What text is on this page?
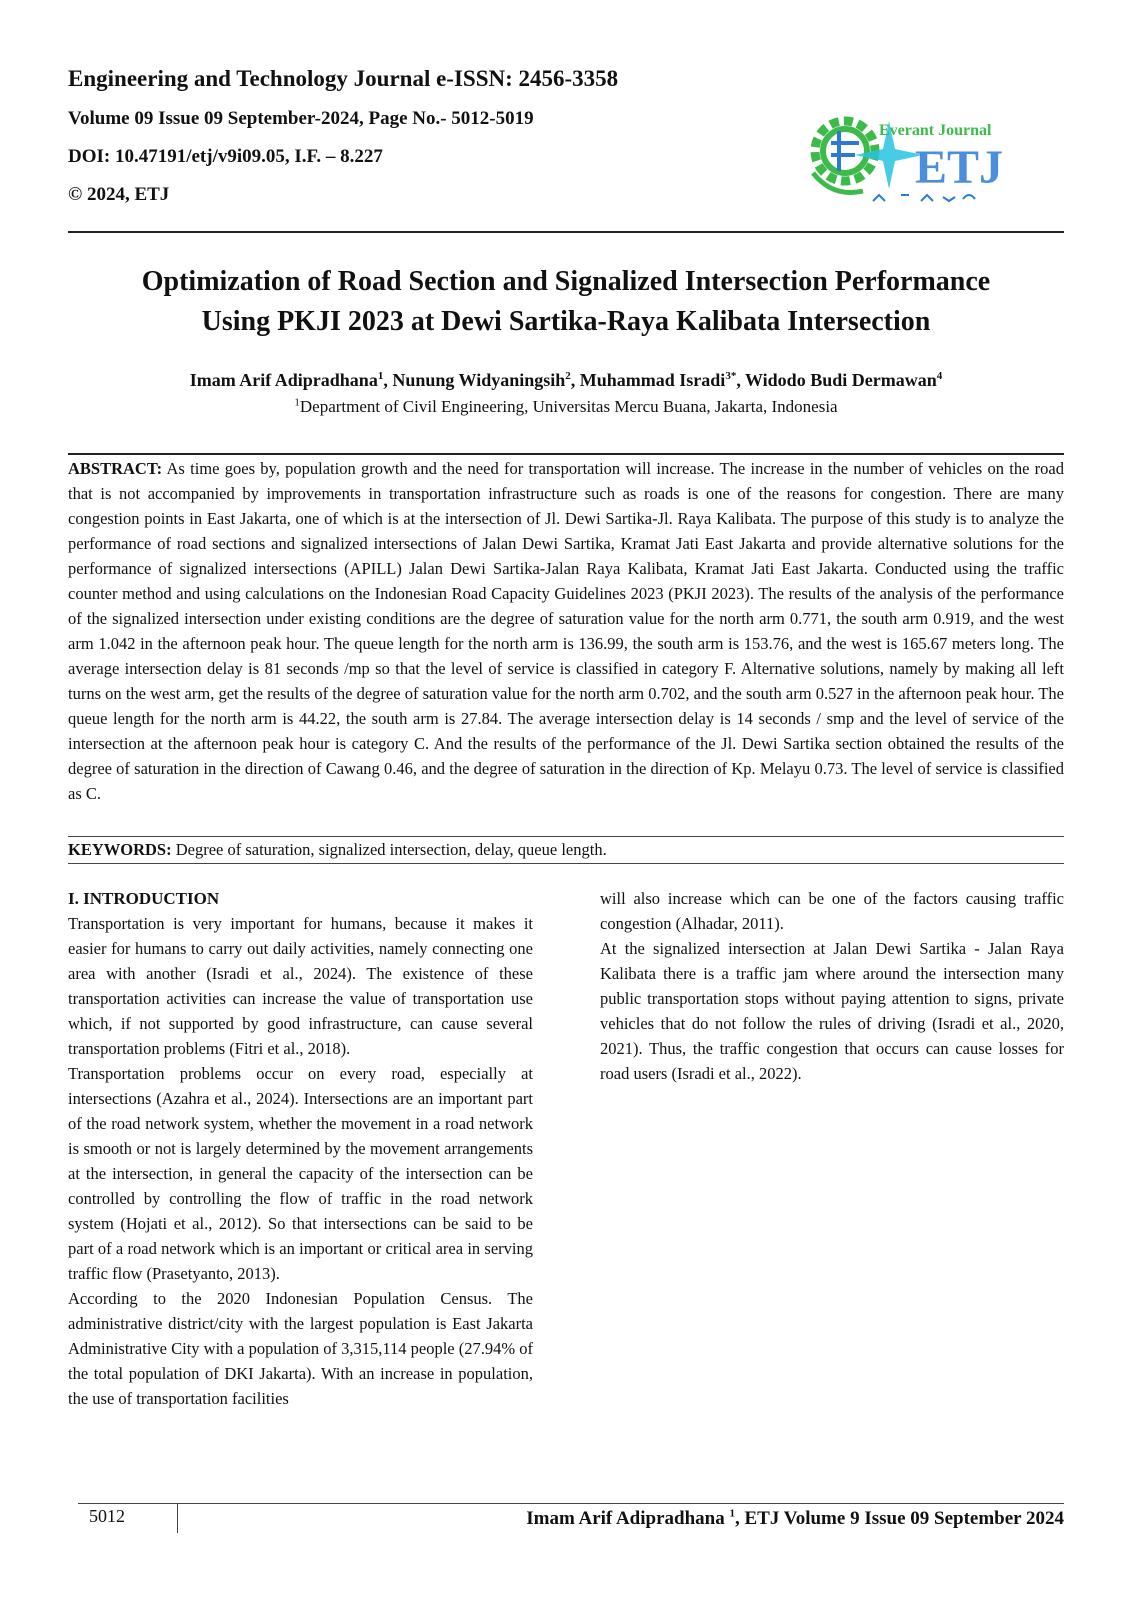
Engineering and Technology Journal e-ISSN: 2456-3358
Volume 09 Issue 09 September-2024, Page No.- 5012-5019
DOI: 10.47191/etj/v9i09.05, I.F. – 8.227
© 2024, ETJ
Everant Journal
ETJ
Optimization of Road Section and Signalized Intersection Performance
Using PKJI 2023 at Dewi Sartika-Raya Kalibata Intersection
Imam Arif Adipradhana$^1$, Nunung Widyaningsih$^2$, Muhammad Isradi$^{3*}$, Widodo Budi Dermawan$^4$
$^1$Department of Civil Engineering, Universitas Mercu Buana, Jakarta, Indonesia
ABSTRACT: As time goes by, population growth and the need for transportation will increase. The increase in the number of vehicles on the road that is not accompanied by improvements in transportation infrastructure such as roads is one of the reasons for congestion. There are many congestion points in East Jakarta, one of which is at the intersection of Jl. Dewi Sartika-Jl. Raya Kalibata. The purpose of this study is to analyze the performance of road sections and signalized intersections of Jalan Dewi Sartika, Kramat Jati East Jakarta and provide alternative solutions for the performance of signalized intersections (APILL) Jalan Dewi Sartika-Jalan Raya Kalibata, Kramat Jati East Jakarta. Conducted using the traffic counter method and using calculations on the Indonesian Road Capacity Guidelines 2023 (PKJI 2023). The results of the analysis of the performance of the signalized intersection under existing conditions are the degree of saturation value for the north arm 0.771, the south arm 0.919, and the west arm 1.042 in the afternoon peak hour. The queue length for the north arm is 136.99, the south arm is 153.76, and the west is 165.67 meters long. The average intersection delay is 81 seconds /mp so that the level of service is classified in category F. Alternative solutions, namely by making all left turns on the west arm, get the results of the degree of saturation value for the north arm 0.702, and the south arm 0.527 in the afternoon peak hour. The queue length for the north arm is 44.22, the south arm is 27.84. The average intersection delay is 14 seconds / smp and the level of service of the intersection at the afternoon peak hour is category C. And the results of the performance of the Jl. Dewi Sartika section obtained the results of the degree of saturation in the direction of Cawang 0.46, and the degree of saturation in the direction of Kp. Melayu 0.73. The level of service is classified as C.
KEYWORDS: Degree of saturation, signalized intersection, delay, queue length.
I. INTRODUCTION

Transportation is very important for humans, because it makes it easier for humans to carry out daily activities, namely connecting one area with another (Isradi et al., 2024). The existence of these transportation activities can increase the value of transportation use which, if not supported by good infrastructure, can cause several transportation problems (Fitri et al., 2018).

Transportation problems occur on every road, especially at intersections (Azahra et al., 2024). Intersections are an important part of the road network system, whether the movement in a road network is smooth or not is largely determined by the movement arrangements at the intersection, in general the capacity of the intersection can be controlled by controlling the flow of traffic in the road network system (Hojati et al., 2012). So that intersections can be said to be part of a road network which is an important or critical area in serving traffic flow (Prasetyanto, 2013).

According to the 2020 Indonesian Population Census. The administrative district/city with the largest population is East Jakarta Administrative City with a population of 3,315,114 people (27.94% of the total population of DKI Jakarta). With an increase in population, the use of transportation facilities

will also increase which can be one of the factors causing traffic congestion (Alhadar, 2011).

At the signalized intersection at Jalan Dewi Sartika - Jalan Raya Kalibata there is a traffic jam where around the intersection many public transportation stops without paying attention to signs, private vehicles that do not follow the rules of driving (Isradi et al., 2020, 2021). Thus, the traffic congestion that occurs can cause losses for road users (Isradi et al., 2022).

5012	Imam Arif Adipradhana $^1$, ETJ Volume 9 Issue 09 September 2024
